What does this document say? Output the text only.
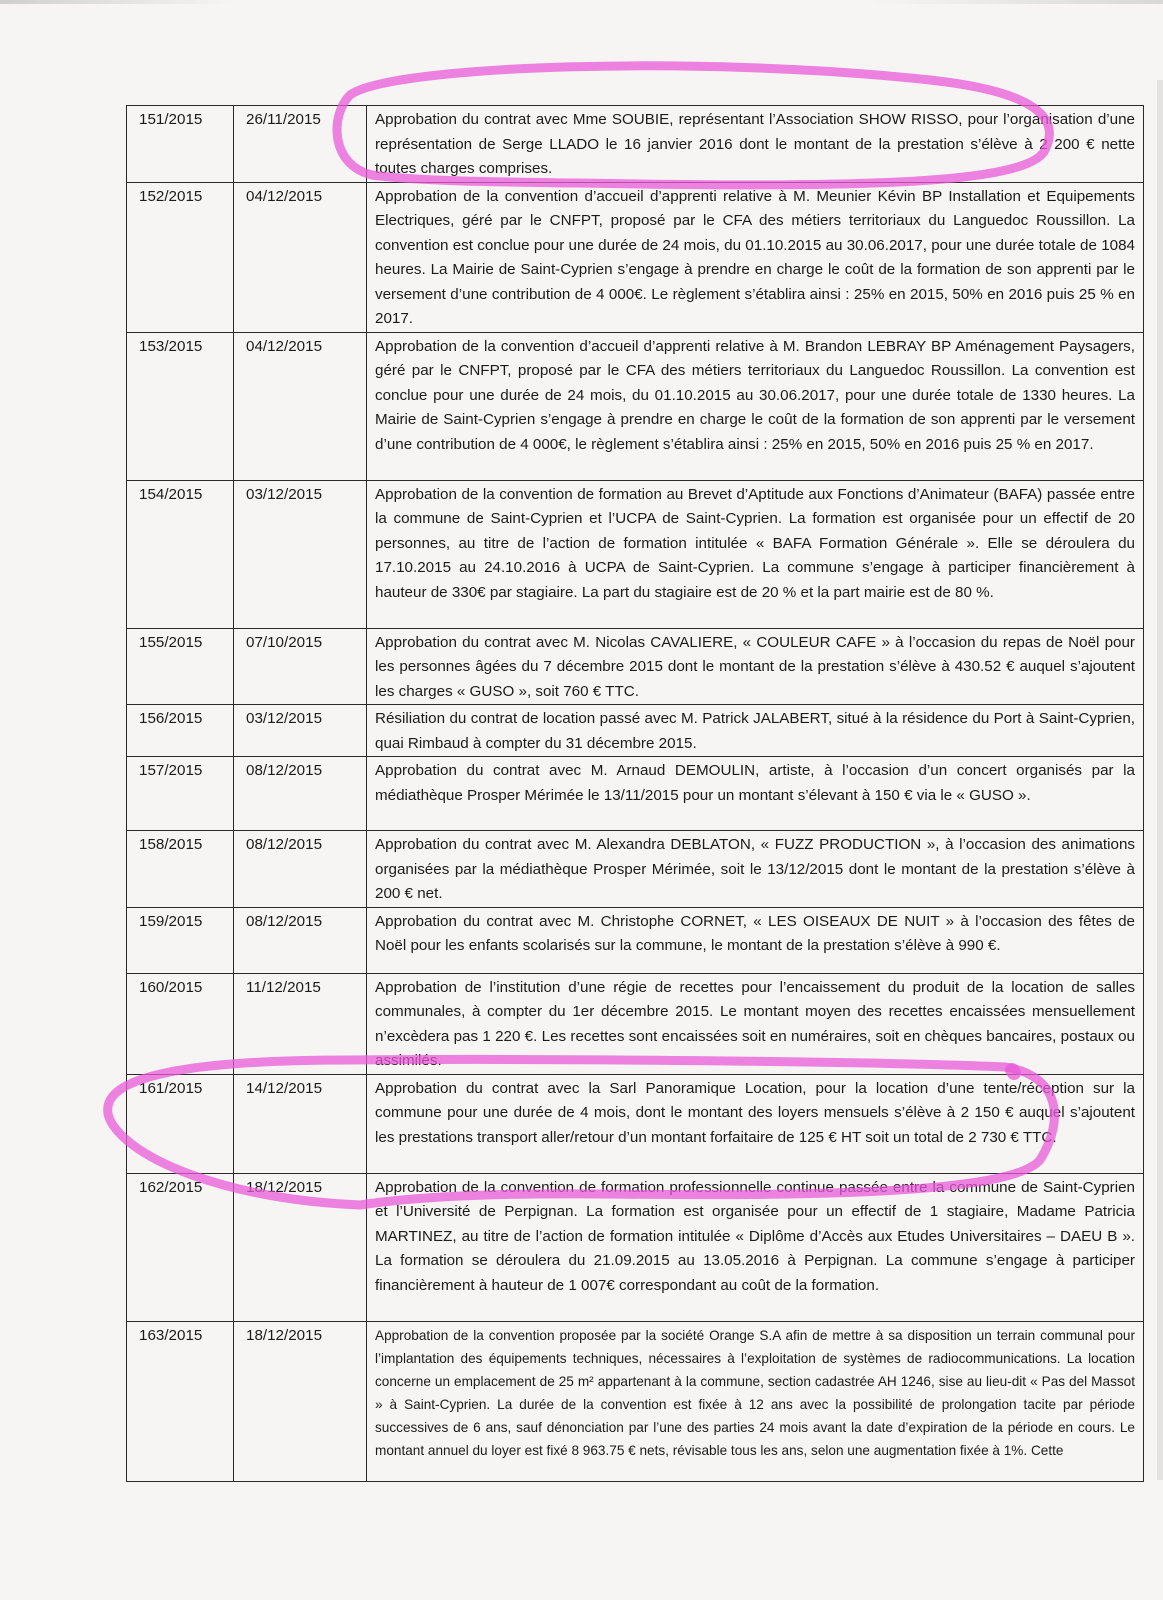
151/2015	26/11/2015	Approbation du contrat avec Mme SOUBIE, représentant l’Association SHOW RISSO, pour l’organisation d’une représentation de Serge LLADO le 16 janvier 2016 dont le montant de la prestation s’élève à 2 200 € nette toutes charges comprises.
152/2015	04/12/2015	Approbation de la convention d’accueil d’apprenti relative à M. Meunier Kévin BP Installation et Equipements Electriques, géré par le CNFPT, proposé par le CFA des métiers territoriaux du Languedoc Roussillon. La convention est conclue pour une durée de 24 mois, du 01.10.2015 au 30.06.2017, pour une durée totale de 1084 heures. La Mairie de Saint-Cyprien s’engage à prendre en charge le coût de la formation de son apprenti par le versement d’une contribution de 4 000€. Le règlement s’établira ainsi : 25% en 2015, 50% en 2016 puis 25 % en 2017.
153/2015	04/12/2015	Approbation de la convention d’accueil d’apprenti relative à M. Brandon LEBRAY BP Aménagement Paysagers, géré par le CNFPT, proposé par le CFA des métiers territoriaux du Languedoc Roussillon. La convention est conclue pour une durée de 24 mois, du 01.10.2015 au 30.06.2017, pour une durée totale de 1330 heures. La Mairie de Saint-Cyprien s’engage à prendre en charge le coût de la formation de son apprenti par le versement d’une contribution de 4 000€, le règlement s’établira ainsi : 25% en 2015, 50% en 2016 puis 25 % en 2017.
154/2015	03/12/2015	Approbation de la convention de formation au Brevet d’Aptitude aux Fonctions d’Animateur (BAFA) passée entre la commune de Saint-Cyprien et l’UCPA de Saint-Cyprien. La formation est organisée pour un effectif de 20 personnes, au titre de l’action de formation intitulée « BAFA Formation Générale ». Elle se déroulera du 17.10.2015 au 24.10.2016 à UCPA de Saint-Cyprien. La commune s’engage à participer financièrement à hauteur de 330€ par stagiaire. La part du stagiaire est de 20 % et la part mairie est de 80 %.
155/2015	07/10/2015	Approbation du contrat avec M. Nicolas CAVALIERE, « COULEUR CAFE » à l’occasion du repas de Noël pour les personnes âgées du 7 décembre 2015 dont le montant de la prestation s’élève à 430.52 € auquel s’ajoutent les charges « GUSO », soit 760 € TTC.
156/2015	03/12/2015	Résiliation du contrat de location passé avec M. Patrick JALABERT, situé à la résidence du Port à Saint-Cyprien, quai Rimbaud à compter du 31 décembre 2015.
157/2015	08/12/2015	Approbation du contrat avec M. Arnaud DEMOULIN, artiste, à l’occasion d’un concert organisés par la médiathèque Prosper Mérimée le 13/11/2015 pour un montant s’élevant à 150 € via le « GUSO ».
158/2015	08/12/2015	Approbation du contrat avec M. Alexandra DEBLATON, « FUZZ PRODUCTION », à l’occasion des animations organisées par la médiathèque Prosper Mérimée, soit le 13/12/2015 dont le montant de la prestation s’élève à 200 € net.
159/2015	08/12/2015	Approbation du contrat avec M. Christophe CORNET, « LES OISEAUX DE NUIT » à l’occasion des fêtes de Noël pour les enfants scolarisés sur la commune, le montant de la prestation s’élève à 990 €.
160/2015	11/12/2015	Approbation de l’institution d’une régie de recettes pour l’encaissement du produit de la location de salles communales, à compter du 1er décembre 2015. Le montant moyen des recettes encaissées mensuellement n’excèdera pas 1 220 €. Les recettes sont encaissées soit en numéraires, soit en chèques bancaires, postaux ou assimilés.
161/2015	14/12/2015	Approbation du contrat avec la Sarl Panoramique Location, pour la location d’une tente/réception sur la commune pour une durée de 4 mois, dont le montant des loyers mensuels s’élève à 2 150 € auquel s’ajoutent les prestations transport aller/retour d’un montant forfaitaire de 125 € HT soit un total de 2 730 € TTC.
162/2015	18/12/2015	Approbation de la convention de formation professionnelle continue passée entre la commune de Saint-Cyprien et l’Université de Perpignan. La formation est organisée pour un effectif de 1 stagiaire, Madame Patricia MARTINEZ, au titre de l’action de formation intitulée « Diplôme d’Accès aux Etudes Universitaires – DAEU B ». La formation se déroulera du 21.09.2015 au 13.05.2016 à Perpignan. La commune s’engage à participer financièrement à hauteur de 1 007€ correspondant au coût de la formation.
163/2015	18/12/2015	Approbation de la convention proposée par la société Orange S.A afin de mettre à sa disposition un terrain communal pour l’implantation des équipements techniques, nécessaires à l’exploitation de systèmes de radiocommunications. La location concerne un emplacement de 25 m² appartenant à la commune, section cadastrée AH 1246, sise au lieu-dit « Pas del Massot » à Saint-Cyprien. La durée de la convention est fixée à 12 ans avec la possibilité de prolongation tacite par période successives de 6 ans, sauf dénonciation par l’une des parties 24 mois avant la date d’expiration de la période en cours. Le montant annuel du loyer est fixé 8 963.75 € nets, révisable tous les ans, selon une augmentation fixée à 1%. Cette
